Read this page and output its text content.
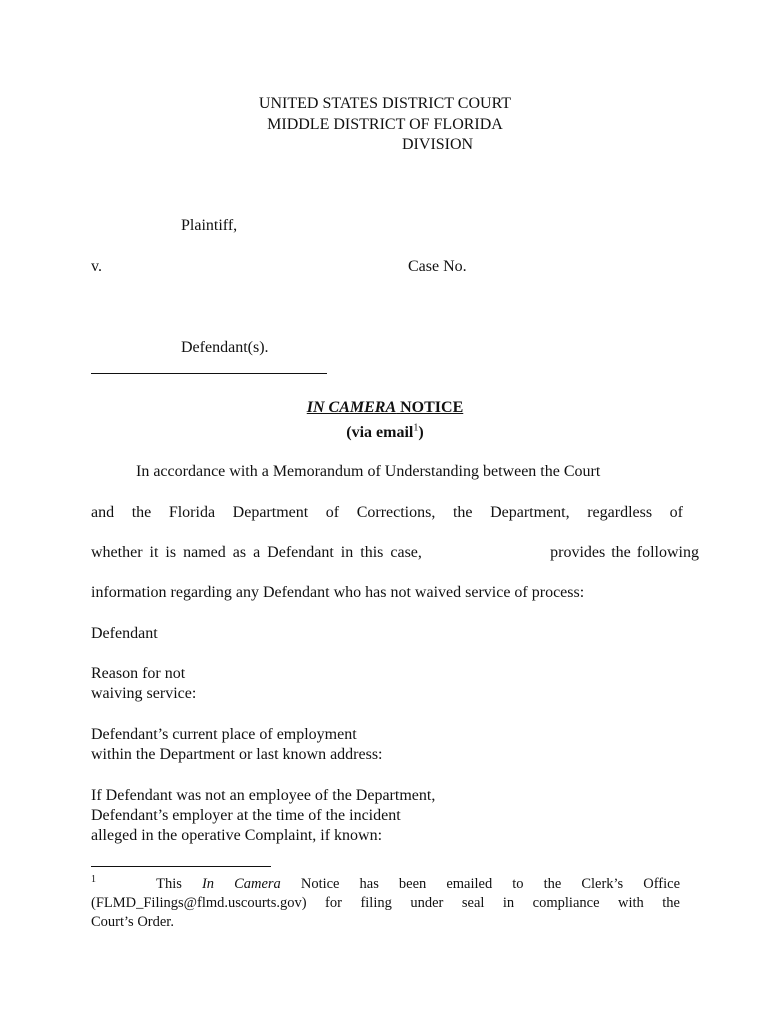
UNITED STATES DISTRICT COURT
MIDDLE DISTRICT OF FLORIDA
DIVISION
Plaintiff,
v.	Case No.
Defendant(s).
IN CAMERA NOTICE
(via email$^1$)
In accordance with a Memorandum of Understanding between the Court
and the Florida Department of Corrections, the Department, regardless of
whether it is named as a Defendant in this case,	provides the following
information regarding any Defendant who has not waived service of process:
Defendant
Reason for not
waiving service:
Defendant’s current place of employment
within the Department or last known address:
If Defendant was not an employee of the Department,
Defendant’s employer at the time of the incident
alleged in the operative Complaint, if known:
$^1$	This In Camera Notice has been emailed to the Clerk’s Office
(FLMD_Filings@flmd.uscourts.gov) for filing under seal in compliance with the
Court’s Order.
